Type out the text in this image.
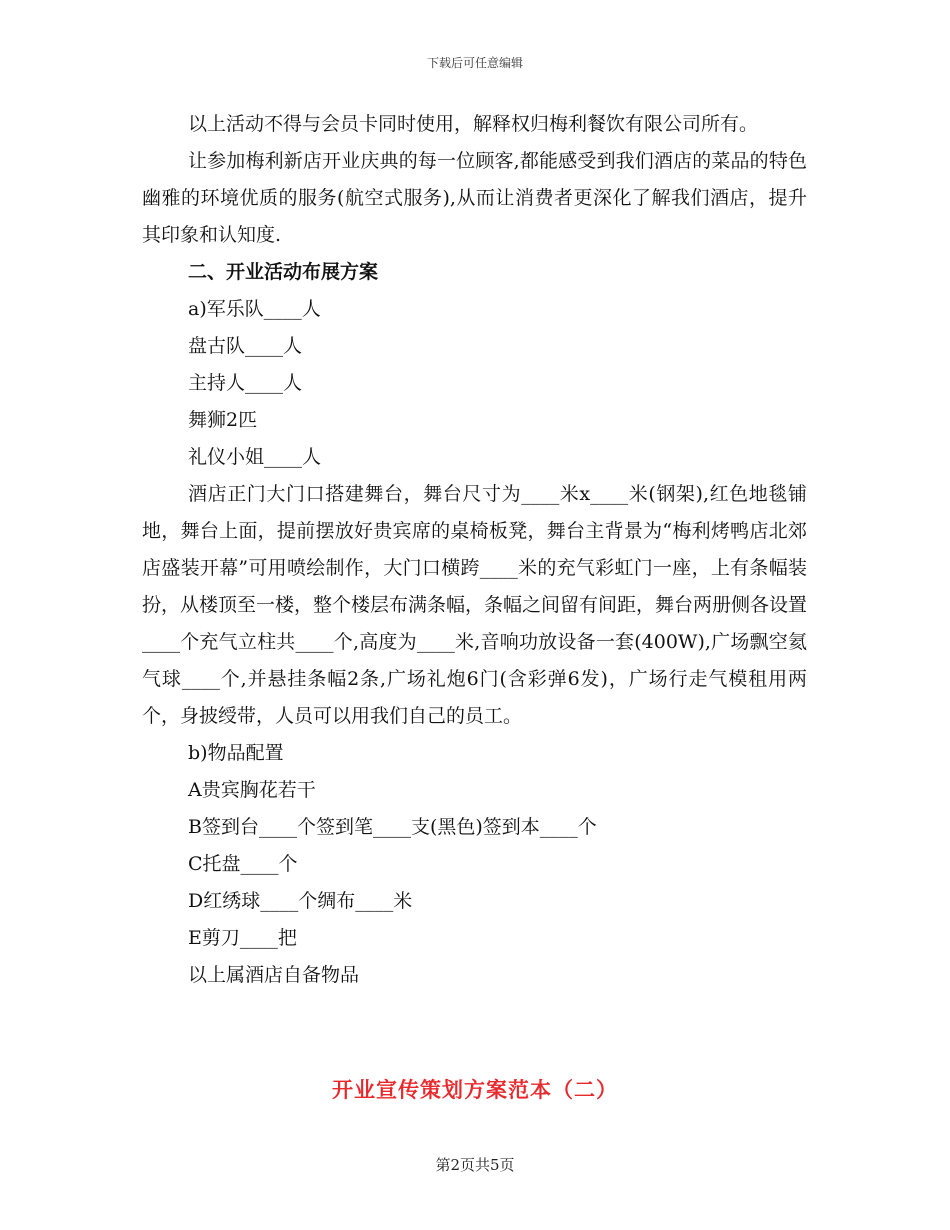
下载后可任意编辑

以上活动不得与会员卡同时使用，解释权归梅利餐饮有限公司所有。

让参加梅利新店开业庆典的每一位顾客,都能感受到我们酒店的菜品的特色幽雅的环境优质的服务(航空式服务),从而让消费者更深化了解我们酒店，提升其印象和认知度.

二、开业活动布展方案

a)军乐队____人

盘古队____人

主持人____人

舞狮2匹

礼仪小姐____人

酒店正门大门口搭建舞台，舞台尺寸为____米x____米(钢架),红色地毯铺地，舞台上面，提前摆放好贵宾席的桌椅板凳，舞台主背景为“梅利烤鸭店北郊店盛装开幕”可用喷绘制作，大门口横跨____米的充气彩虹门一座，上有条幅装扮，从楼顶至一楼，整个楼层布满条幅，条幅之间留有间距，舞台两册侧各设置____个充气立柱共____个,高度为____米,音响功放设备一套(400W),广场飘空氦气球____个,并悬挂条幅2条,广场礼炮6门(含彩弹6发)，广场行走气模租用两个，身披绶带，人员可以用我们自己的员工。

b)物品配置

A贵宾胸花若干

B签到台____个签到笔____支(黑色)签到本____个

C托盘____个

D红绣球____个绸布____米

E剪刀____把

以上属酒店自备物品

开业宣传策划方案范本（二）
第2页共5页
